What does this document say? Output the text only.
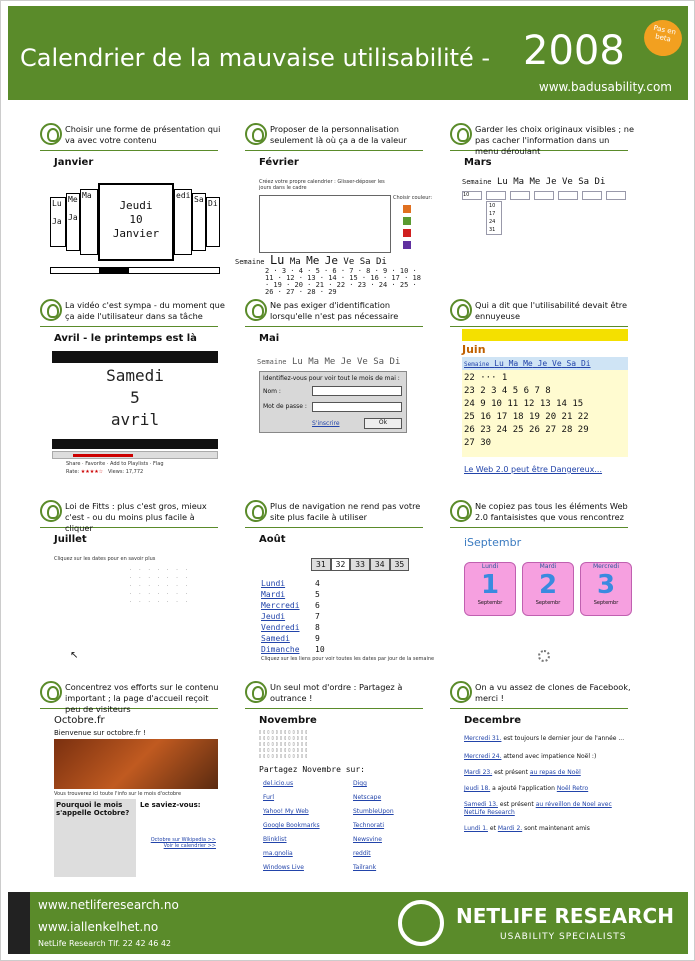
Calendrier de la mauvaise utilisabilité - 2008
www.badusability.com
Pas en beta
Choisir une forme de présentation qui va avec votre contenu
Janvier
Lu

Ja
Me

Ja
Ma
Jeudi
10
Janvier
edi Sa Di
Proposer de la personnalisation seulement là où ça a de la valeur
Février
Créez votre propre calendrier : Glisser-déposer les jours dans le cadre
Choisir couleur:
Semaine Lu Ma Me Je Ve Sa Di
2 · 3 · 4 · 5 · 6 · 7 · 8 · 9 · 10 · 11 · 12 · 13 · 14 · 15 · 16 · 17 · 18 · 19 · 20 · 21 · 22 · 23 · 24 · 25 · 26 · 27 · 28 · 29
Garder les choix originaux visibles ; ne pas cacher l'information dans un menu déroulant
Mars
Semaine Lu Ma Me Je Ve Sa Di
10
10
17
24
31
La vidéo c'est sympa - du moment que ça aide l'utilisateur dans sa tâche
Avril - le printemps est là
Samedi
5
avril
Share · Favorite · Add to Playlists · Flag
Rate: ★★★★☆ Views: 17,772
Ne pas exiger d'identification lorsqu'elle n'est pas nécessaire
Mai
Semaine Lu Ma Me Je Ve Sa Di
Identifiez-vous pour voir tout le mois de mai :
Nom :
Mot de passe :
S'inscrire	Ok
Qui a dit que l'utilisabilité devait être ennuyeuse
Juin
Semaine Lu Ma Me Je Ve Sa Di
22 ··· 1
23 2 3 4 5 6 7 8
24 9 10 11 12 13 14 15
25 16 17 18 19 20 21 22
26 23 24 25 26 27 28 29
27 30
Le Web 2.0 peut être Dangereux...
Loi de Fitts : plus c'est gros, mieux c'est - ou du moins plus facile à cliquer
Juillet
Cliquez sur les dates pour en savoir plus
·······
·······
·······
·······
·······
↖
Plus de navigation ne rend pas votre site plus facile à utiliser
Août
31 32 33 34 35
Lundi
Mardi
Mercredi
Jeudi
Vendredi
Samedi
Dimanche
4
5
6
7
8
9
10
Cliquez sur les liens pour voir toutes les dates par jour de la semaine
Ne copiez pas tous les éléments Web 2.0 fantaisistes que vous rencontrez
iSeptembr
Lundi
1
Septembr
Mardi
2
Septembr
Mercredi
3
Septembr
Concentrez vos efforts sur le contenu important ; la page d'accueil reçoit peu de visiteurs
Octobre.fr
Bienvenue sur octobre.fr !
Vous trouverez ici toute l'info sur le mois d'octobre
Pourquoi le mois s'appelle Octobre?
Le saviez-vous:
Octobre sur Wikipedia >>
Voir le calendrier >>
Un seul mot d'ordre : Partagez à outrance !
Novembre
▯▯▯▯▯▯▯▯▯▯▯▯
▯▯▯▯▯▯▯▯▯▯▯▯
▯▯▯▯▯▯▯▯▯▯▯▯
▯▯▯▯▯▯▯▯▯▯▯▯
▯▯▯▯▯▯▯▯▯▯▯▯
Partagez Novembre sur:
del.icio.us
Furl
Yahoo! My Web
Google Bookmarks
Blinklist
ma.gnolia
Windows Live
Digg
Netscape
StumbleUpon
Technorati
Newsvine
reddit
Tailrank
On a vu assez de clones de Facebook, merci !
Decembre
Mercredi 31. est toujours le dernier jour de l'année ...
Mercredi 24. attend avec impatience Noël :)
Mardi 23. est présent au repas de Noël
Jeudi 18. a ajouté l'application Noël Retro
Samedi 13. est présent au réveillon de Noel avec NetLife Research
Lundi 1. et Mardi 2. sont maintenant amis
www.netliferesearch.no
www.iallenkelhet.no
NetLife Research Tlf. 22 42 46 42
NETLIFE RESEARCH
USABILITY SPECIALISTS
